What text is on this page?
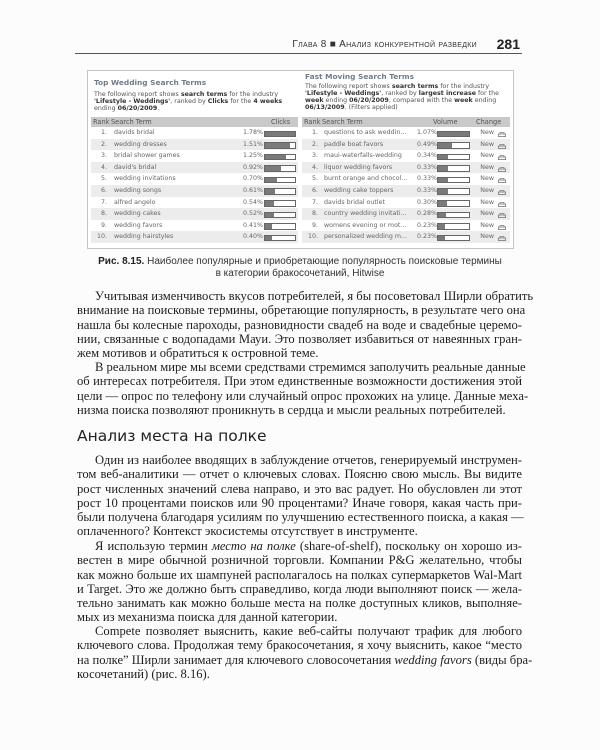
Глава 8 ■ Анализ конкурентной разведки 281
Top Wedding Search Terms
The following report shows search terms for the industry 'Lifestyle - Weddings', ranked by Clicks for the 4 weeks ending 06/20/2009.
Rank Search Term	Clicks
1. davids bridal	1.78%
2. wedding dresses	1.51%
3. bridal shower games	1.25%
4. david's bridal	0.92%
5. wedding invitations	0.70%
6. wedding songs	0.61%
7. alfred angelo	0.54%
8. wedding cakes	0.52%
9. wedding favors	0.41%
10. wedding hairstyles	0.40%
Fast Moving Search Terms
The following report shows search terms for the industry 'Lifestyle - Weddings', ranked by largest increase for the week ending 06/20/2009, compared with the week ending 06/13/2009. (Filters applied)
Rank Search Term	Volume	Change
1. questions to ask weddin... 1.07%	New
2. paddle boat favors	0.49%	New
3. maui-waterfalls-wedding 0.34%	New
4. liquor wedding favors	0.33%	New
5. burnt orange and chocol... 0.33%	New
6. wedding cake toppers	0.33%	New
7. davids bridal outlet	0.30%	New
8. country wedding invitati... 0.28%	New
9. womens evening or mot... 0.23%	New
10. personalized wedding m... 0.23%	New
Рис. 8.15. Наиболее популярные и приобретающие популярность поисковые термины
в категории бракосочетаний, Hitwise
Учитывая изменчивость вкусов потребителей, я бы посоветовал Ширли обратить
внимание на поисковые термины, обретающие популярность, в результате чего она
нашла бы колесные пароходы, разновидности свадеб на воде и свадебные церемо-
нии, связанные с водопадами Мауи. Это позволяет избавиться от навеянных гран-
жем мотивов и обратиться к островной теме.
В реальном мире мы всеми средствами стремимся заполучить реальные данные
об интересах потребителя. При этом единственные возможности достижения этой
цели — опрос по телефону или случайный опрос прохожих на улице. Данные меха-
низма поиска позволяют проникнуть в сердца и мысли реальных потребителей.
Анализ места на полке
Один из наиболее вводящих в заблуждение отчетов, генерируемый инструмен-
том веб-аналитики — отчет о ключевых словах. Поясню свою мысль. Вы видите
рост численных значений слева направо, и это вас радует. Но обусловлен ли этот
рост 10 процентами поисков или 90 процентами? Иначе говоря, какая часть при-
были получена благодаря усилиям по улучшению естественного поиска, а какая —
оплаченного? Контекст экосистемы отсутствует в инструменте.
Я использую термин место на полке (share-of-shelf), поскольку он хорошо из-
вестен в мире обычной розничной торговли. Компании P&G желательно, чтобы
как можно больше их шампуней располагалось на полках супермаркетов Wal-Mart
и Target. Это же должно быть справедливо, когда люди выполняют поиск — жела-
тельно занимать как можно больше места на полке доступных кликов, выполняе-
мых из механизма поиска для данной категории.
Compete позволяет выяснить, какие веб-сайты получают трафик для любого
ключевого слова. Продолжая тему бракосочетания, я хочу выяснить, какое “место
на полке” Ширли занимает для ключевого словосочетания wedding favors (виды бра-
косочетаний) (рис. 8.16).
